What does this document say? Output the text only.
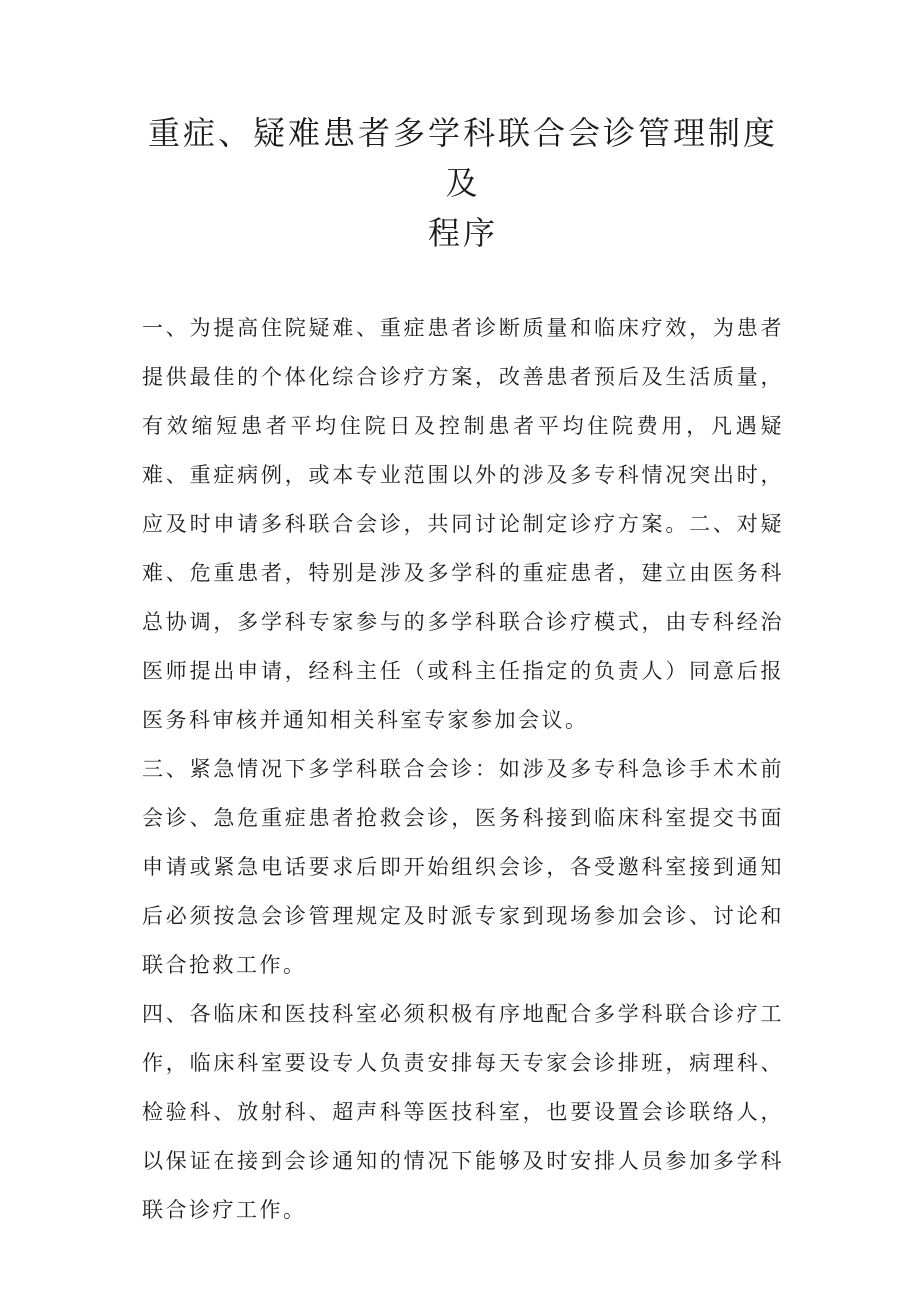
重症、疑难患者多学科联合会诊管理制度及
程序

一、为提高住院疑难、重症患者诊断质量和临床疗效，为患者提供最佳的个体化综合诊疗方案，改善患者预后及生活质量，有效缩短患者平均住院日及控制患者平均住院费用，凡遇疑难、重症病例，或本专业范围以外的涉及多专科情况突出时，应及时申请多科联合会诊，共同讨论制定诊疗方案。二、对疑难、危重患者，特别是涉及多学科的重症患者，建立由医务科总协调，多学科专家参与的多学科联合诊疗模式，由专科经治医师提出申请，经科主任（或科主任指定的负责人）同意后报医务科审核并通知相关科室专家参加会议。

三、紧急情况下多学科联合会诊：如涉及多专科急诊手术术前会诊、急危重症患者抢救会诊，医务科接到临床科室提交书面申请或紧急电话要求后即开始组织会诊，各受邀科室接到通知后必须按急会诊管理规定及时派专家到现场参加会诊、讨论和联合抢救工作。

四、各临床和医技科室必须积极有序地配合多学科联合诊疗工作，临床科室要设专人负责安排每天专家会诊排班，病理科、检验科、放射科、超声科等医技科室，也要设置会诊联络人，以保证在接到会诊通知的情况下能够及时安排人员参加多学科联合诊疗工作。
